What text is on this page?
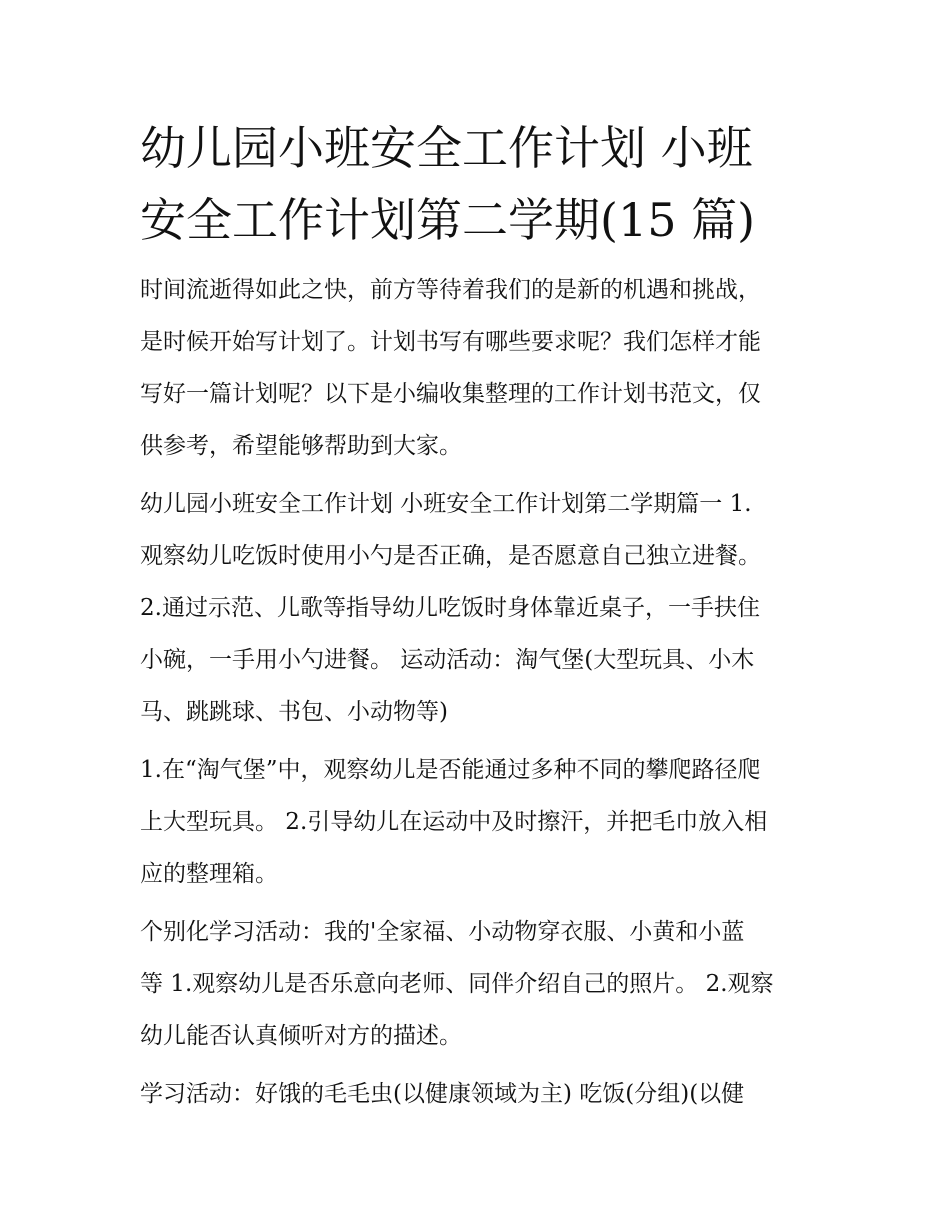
幼儿园小班安全工作计划 小班
安全工作计划第二学期(15 篇)

时间流逝得如此之快，前方等待着我们的是新的机遇和挑战，
是时候开始写计划了。计划书写有哪些要求呢？我们怎样才能
写好一篇计划呢？以下是小编收集整理的工作计划书范文，仅
供参考，希望能够帮助到大家。

幼儿园小班安全工作计划 小班安全工作计划第二学期篇一 1.
观察幼儿吃饭时使用小勺是否正确，是否愿意自己独立进餐。
2.通过示范、儿歌等指导幼儿吃饭时身体靠近桌子，一手扶住
小碗，一手用小勺进餐。 运动活动：淘气堡(大型玩具、小木
马、跳跳球、书包、小动物等)

1.在“淘气堡”中，观察幼儿是否能通过多种不同的攀爬路径爬
上大型玩具。 2.引导幼儿在运动中及时擦汗，并把毛巾放入相
应的整理箱。

个别化学习活动：我的'全家福、小动物穿衣服、小黄和小蓝
等 1.观察幼儿是否乐意向老师、同伴介绍自己的照片。 2.观察
幼儿能否认真倾听对方的描述。

学习活动：好饿的毛毛虫(以健康领域为主) 吃饭(分组)(以健
